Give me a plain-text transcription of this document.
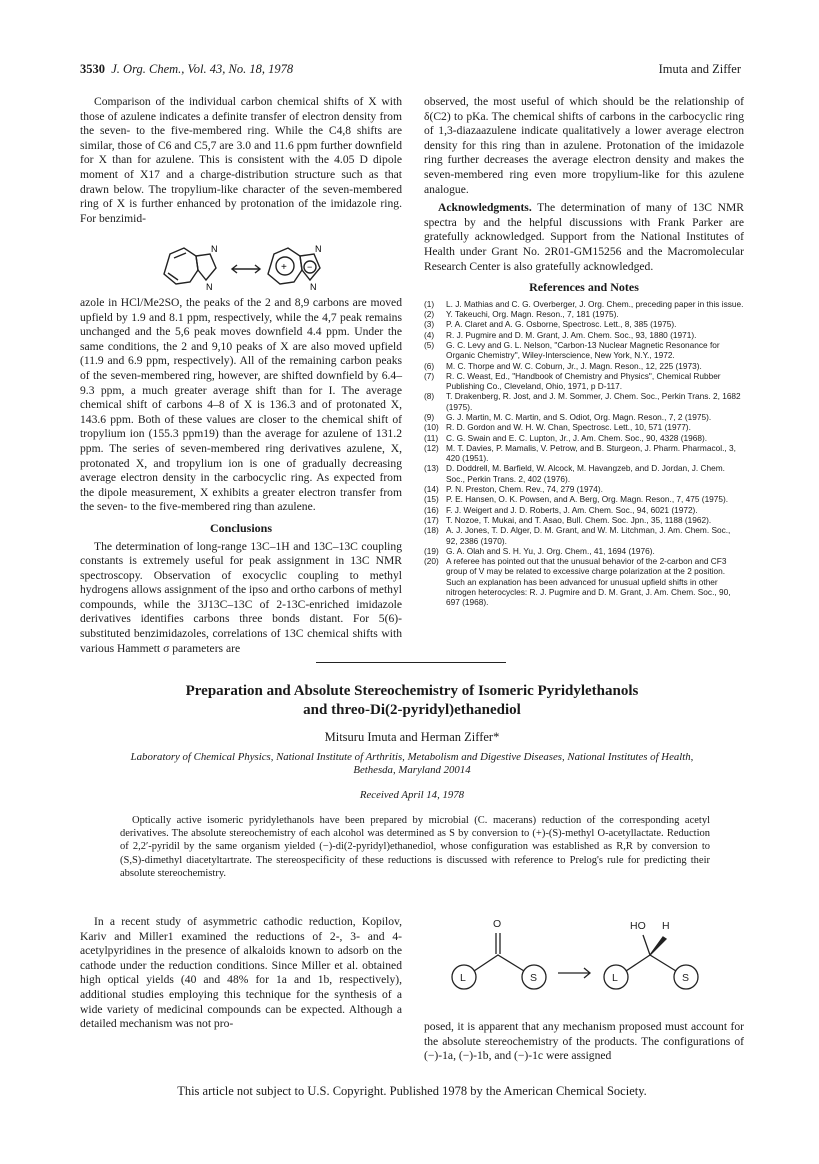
3530 J. Org. Chem., Vol. 43, No. 18, 1978	Imuta and Ziffer

Comparison of the individual carbon chemical shifts of X with those of azulene indicates a definite transfer of electron density from the seven- to the five-membered ring. While the C4,8 shifts are similar, those of C6 and C5,7 are 3.0 and 11.6 ppm further downfield for X than for azulene. This is consistent with the 4.05 D dipole moment of X17 and a charge-distribution structure such as that drawn below. The tropylium-like character of the seven-membered ring of X is further enhanced by protonation of the imidazole ring. For benzimid-

N
N
+ −
N
N

azole in HCl/Me2SO, the peaks of the 2 and 8,9 carbons are moved upfield by 1.9 and 8.1 ppm, respectively, while the 4,7 peak remains unchanged and the 5,6 peak moves downfield 4.4 ppm. Under the same conditions, the 2 and 9,10 peaks of X are also moved upfield (11.9 and 6.9 ppm, respectively). All of the remaining carbon peaks of the seven-membered ring, however, are shifted downfield by 6.4–9.3 ppm, a much greater average shift than for I. The average chemical shift of carbons 4–8 of X is 136.3 and of protonated X, 143.6 ppm. Both of these values are closer to the chemical shift of tropylium ion (155.3 ppm19) than the average for azulene of 131.2 ppm. The series of seven-membered ring derivatives azulene, X, protonated X, and tropylium ion is one of gradually decreasing average electron density in the carbocyclic ring. As expected from the dipole measurement, X exhibits a greater electron transfer from the seven- to the five-membered ring than azulene.

Conclusions

The determination of long-range 13C–1H and 13C–13C coupling constants is extremely useful for peak assignment in 13C NMR spectroscopy. Observation of exocyclic coupling to methyl hydrogens allows assignment of the ipso and ortho carbons of methyl compounds, while the 3J13C–13C of 2-13C-enriched imidazole derivatives identifies carbons three bonds distant. For 5(6)-substituted benzimidazoles, correlations of 13C chemical shifts with various Hammett σ parameters are

observed, the most useful of which should be the relationship of δ(C2) to pKa. The chemical shifts of carbons in the carbocyclic ring of 1,3-diazaazulene indicate qualitatively a lower average electron density for this ring than in azulene. Protonation of the imidazole ring further decreases the average electron density and makes the seven-membered ring even more tropylium-like for this azulene analogue.

Acknowledgments. The determination of many of 13C NMR spectra by and the helpful discussions with Frank Parker are gratefully acknowledged. Support from the National Institutes of Health under Grant No. 2R01-GM15256 and the Macromolecular Research Center is also gratefully acknowledged.

References and Notes
(1)	L. J. Mathias and C. G. Overberger, J. Org. Chem., preceding paper in this issue.
(2)	Y. Takeuchi, Org. Magn. Reson., 7, 181 (1975).
(3)	P. A. Claret and A. G. Osborne, Spectrosc. Lett., 8, 385 (1975).
(4)	R. J. Pugmire and D. M. Grant, J. Am. Chem. Soc., 93, 1880 (1971).
(5)	G. C. Levy and G. L. Nelson, "Carbon-13 Nuclear Magnetic Resonance for Organic Chemistry", Wiley-Interscience, New York, N.Y., 1972.
(6)	M. C. Thorpe and W. C. Coburn, Jr., J. Magn. Reson., 12, 225 (1973).
(7)	R. C. Weast, Ed., "Handbook of Chemistry and Physics", Chemical Rubber Publishing Co., Cleveland, Ohio, 1971, p D-117.
(8)	T. Drakenberg, R. Jost, and J. M. Sommer, J. Chem. Soc., Perkin Trans. 2, 1682 (1975).
(9)	G. J. Martin, M. C. Martin, and S. Odiot, Org. Magn. Reson., 7, 2 (1975).
(10) R. D. Gordon and W. H. W. Chan, Spectrosc. Lett., 10, 571 (1977).
(11) C. G. Swain and E. C. Lupton, Jr., J. Am. Chem. Soc., 90, 4328 (1968).
(12) M. T. Davies, P. Mamalis, V. Petrow, and B. Sturgeon, J. Pharm. Pharmacol., 3, 420 (1951).
(13) D. Doddrell, M. Barfield, W. Alcock, M. Havangzeb, and D. Jordan, J. Chem. Soc., Perkin Trans. 2, 402 (1976).
(14) P. N. Preston, Chem. Rev., 74, 279 (1974).
(15) P. E. Hansen, O. K. Powsen, and A. Berg, Org. Magn. Reson., 7, 475 (1975).
(16) F. J. Weigert and J. D. Roberts, J. Am. Chem. Soc., 94, 6021 (1972).
(17) T. Nozoe, T. Mukai, and T. Asao, Bull. Chem. Soc. Jpn., 35, 1188 (1962).
(18) A. J. Jones, T. D. Alger, D. M. Grant, and W. M. Litchman, J. Am. Chem. Soc., 92, 2386 (1970).
(19) G. A. Olah and S. H. Yu, J. Org. Chem., 41, 1694 (1976).
(20) A referee has pointed out that the unusual behavior of the 2-carbon and CF3 group of V may be related to excessive charge polarization at the 2 position. Such an explanation has been advanced for unusual upfield shifts in other nitrogen heterocycles: R. J. Pugmire and D. M. Grant, J. Am. Chem. Soc., 90, 697 (1968).
Preparation and Absolute Stereochemistry of Isomeric Pyridylethanols
and threo-Di(2-pyridyl)ethanediol
Mitsuru Imuta and Herman Ziffer*
Laboratory of Chemical Physics, National Institute of Arthritis, Metabolism and Digestive Diseases, National Institutes of Health, Bethesda, Maryland 20014
Received April 14, 1978
Optically active isomeric pyridylethanols have been prepared by microbial (C. macerans) reduction of the corresponding acetyl derivatives. The absolute stereochemistry of each alcohol was determined as S by conversion to (+)-(S)-methyl O-acetyllactate. Reduction of 2,2′-pyridil by the same organism yielded (−)-di(2-pyridyl)ethanediol, whose configuration was established as R,R by conversion to (S,S)-dimethyl diacetyltartrate. The stereospecificity of these reductions is discussed with reference to Prelog's rule for predicting their absolute stereochemistry.

In a recent study of asymmetric cathodic reduction, Kopilov, Kariv and Miller1 examined the reductions of 2-, 3- and 4-acetylpyridines in the presence of alkaloids known to adsorb on the cathode under the reduction conditions. Since Miller et al. obtained high optical yields (40 and 48% for 1a and 1b, respectively), additional studies employing this technique for the synthesis of a wide variety of medicinal compounds can be expected. Although a detailed mechanism was not pro-

O
L	S
HO H
L	S

posed, it is apparent that any mechanism proposed must account for the absolute stereochemistry of the products. The configurations of (−)-1a, (−)-1b, and (−)-1c were assigned

This article not subject to U.S. Copyright. Published 1978 by the American Chemical Society.
